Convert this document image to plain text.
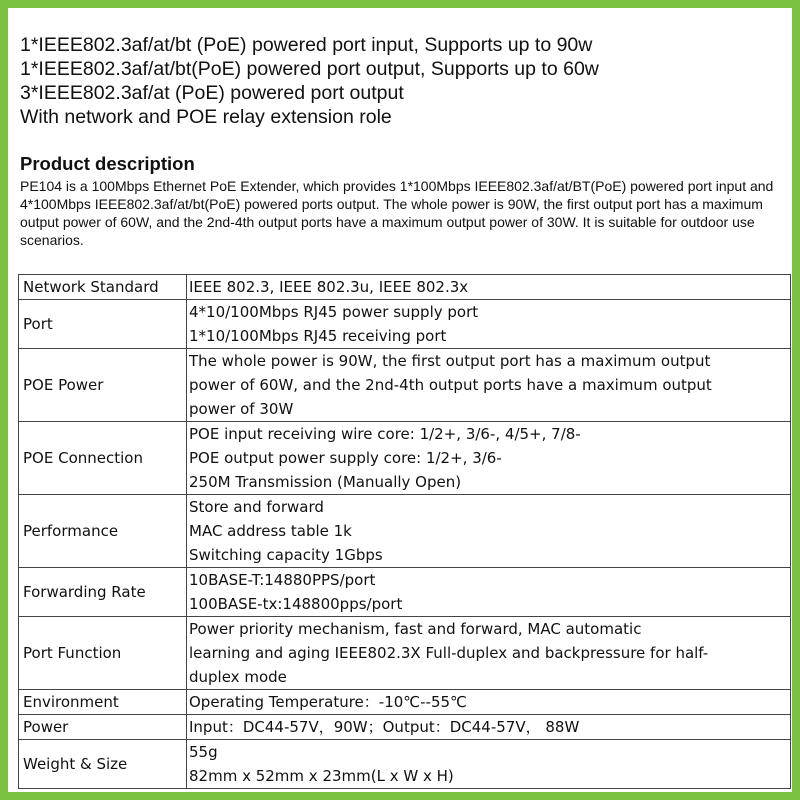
1*IEEE802.3af/at/bt (PoE) powered port input, Supports up to 90w
1*IEEE802.3af/at/bt(PoE) powered port output, Supports up to 60w
3*IEEE802.3af/at (PoE) powered port output
With network and POE relay extension role
Product description

PE104 is a 100Mbps Ethernet PoE Extender, which provides 1*100Mbps IEEE802.3af/at/BT(PoE) powered port input and 4*100Mbps IEEE802.3af/at/bt(PoE) powered ports output. The whole power is 90W, the first output port has a maximum output power of 60W, and the 2nd-4th output ports have a maximum output power of 30W. It is suitable for outdoor use scenarios.

Network Standard	IEEE 802.3, IEEE 802.3u, IEEE 802.3x

Port	4*10/100Mbps RJ45 power supply port
1*10/100Mbps RJ45 receiving port

POE Power	The whole power is 90W, the first output port has a maximum output
power of 60W, and the 2nd-4th output ports have a maximum output
power of 30W

POE Connection	POE input receiving wire core: 1/2+, 3/6-, 4/5+, 7/8-
POE output power supply core: 1/2+, 3/6-
250M Transmission (Manually Open)

Performance	Store and forward
MAC address table 1k
Switching capacity 1Gbps

Forwarding Rate	10BASE-T:14880PPS/port
100BASE-tx:148800pps/port

Port Function	Power priority mechanism, fast and forward, MAC automatic
learning and aging IEEE802.3X Full-duplex and backpressure for half-
duplex mode

Environment	Operating Temperature：-10℃--55℃

Power	Input：DC44-57V，90W；Output：DC44-57V， 88W

Weight & Size	55g
82mm x 52mm x 23mm(L x W x H)
